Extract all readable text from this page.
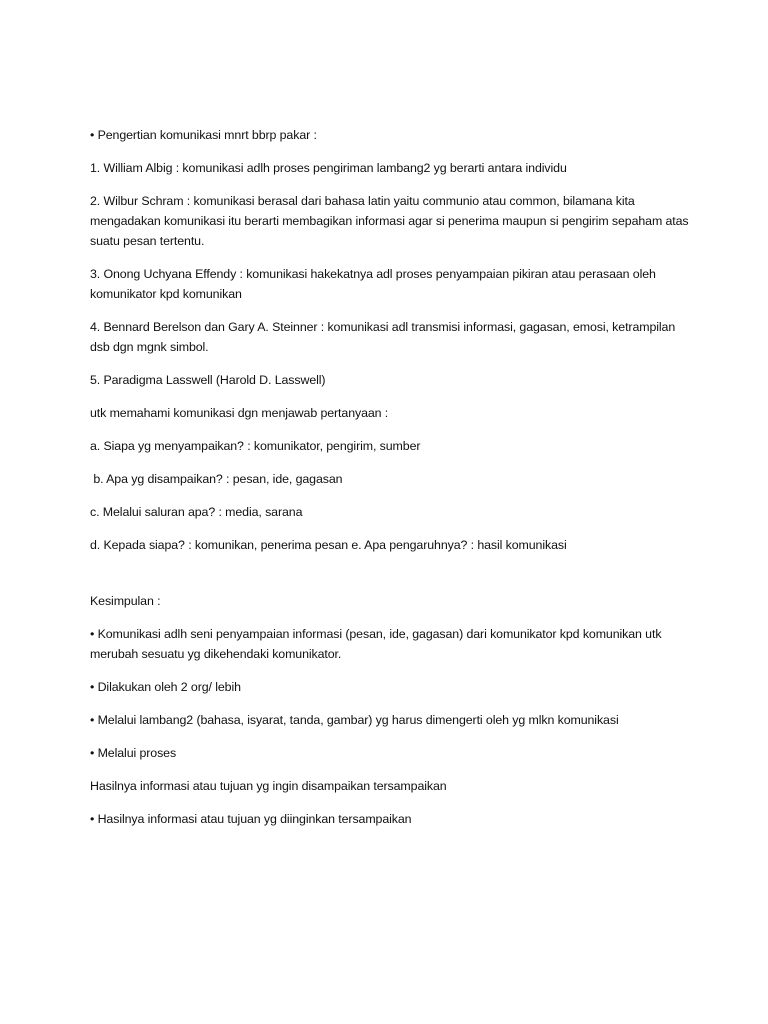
• Pengertian komunikasi mnrt bbrp pakar :

1. William Albig : komunikasi adlh proses pengiriman lambang2 yg berarti antara individu

2. Wilbur Schram : komunikasi berasal dari bahasa latin yaitu communio atau common, bilamana kita mengadakan komunikasi itu berarti membagikan informasi agar si penerima maupun si pengirim sepaham atas suatu pesan tertentu.

3. Onong Uchyana Effendy : komunikasi hakekatnya adl proses penyampaian pikiran atau perasaan oleh komunikator kpd komunikan

4. Bennard Berelson dan Gary A. Steinner : komunikasi adl transmisi informasi, gagasan, emosi, ketrampilan dsb dgn mgnk simbol.

5. Paradigma Lasswell (Harold D. Lasswell)

utk memahami komunikasi dgn menjawab pertanyaan :

a. Siapa yg menyampaikan? : komunikator, pengirim, sumber

b. Apa yg disampaikan? : pesan, ide, gagasan

c. Melalui saluran apa? : media, sarana

d. Kepada siapa? : komunikan, penerima pesan e. Apa pengaruhnya? : hasil komunikasi

Kesimpulan :

• Komunikasi adlh seni penyampaian informasi (pesan, ide, gagasan) dari komunikator kpd komunikan utk merubah sesuatu yg dikehendaki komunikator.

• Dilakukan oleh 2 org/ lebih

• Melalui lambang2 (bahasa, isyarat, tanda, gambar) yg harus dimengerti oleh yg mlkn komunikasi

• Melalui proses

Hasilnya informasi atau tujuan yg ingin disampaikan tersampaikan

• Hasilnya informasi atau tujuan yg diinginkan tersampaikan
